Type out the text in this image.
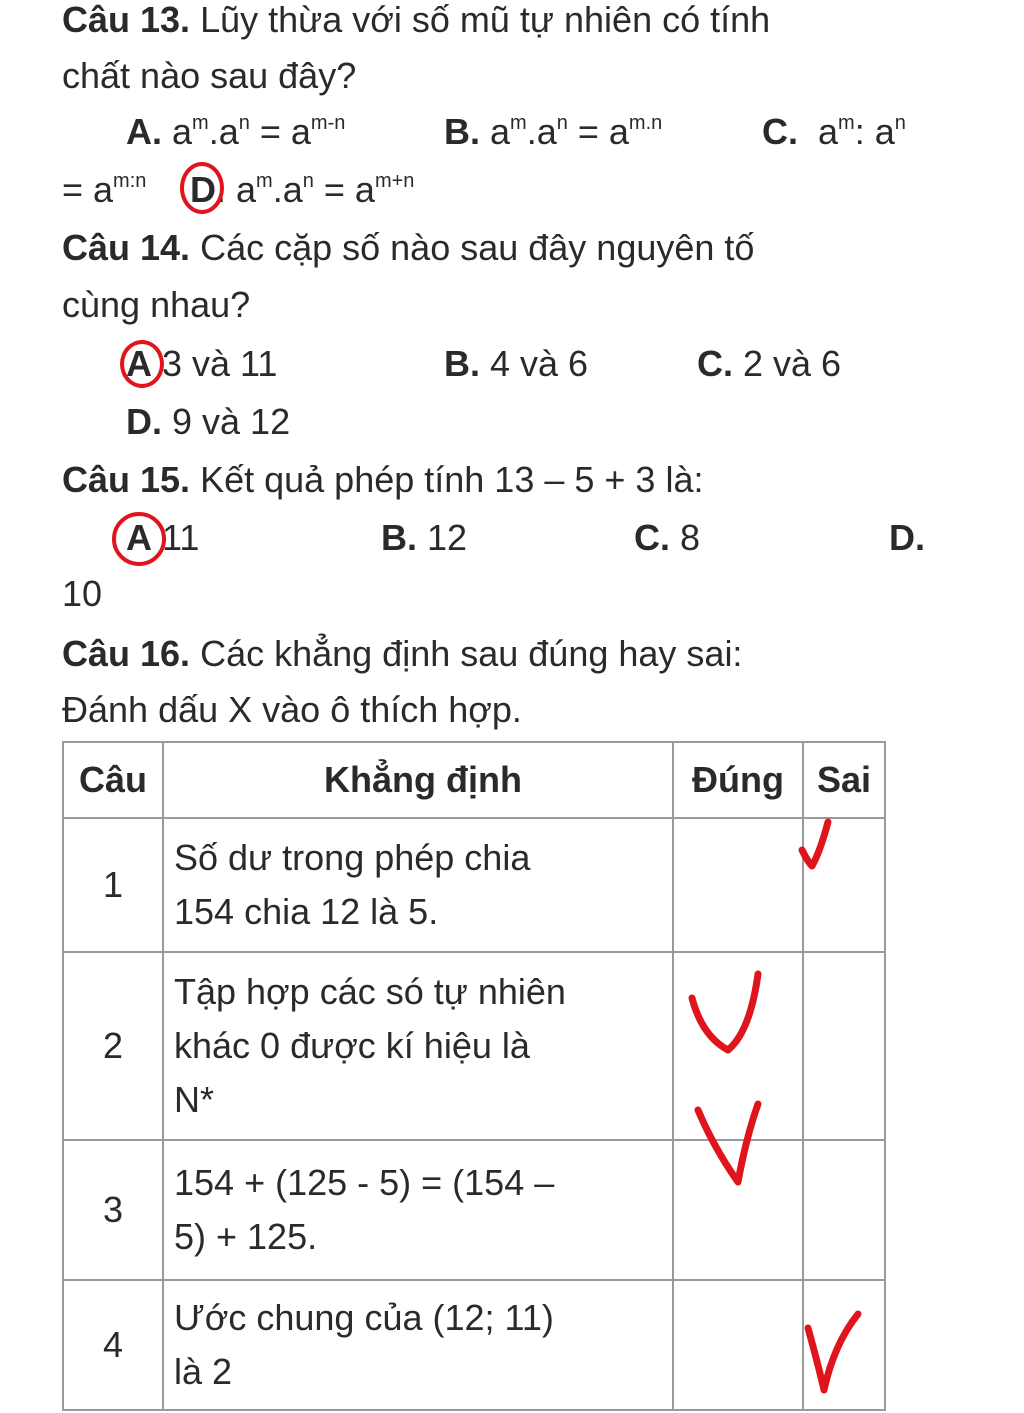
Câu 13. Lũy thừa với số mũ tự nhiên có tính
chất nào sau đây?
A. $a^m.a^n = a^{m-n}$	B. $a^m.a^n = a^{m.n}$	C.  $a^m$: $a^n$
= $a^{m:n}$ D. $a^m.a^n = a^{m+n}$
Câu 14. Các cặp số nào sau đây nguyên tố
cùng nhau?
A 3 và 11	B. 4 và 6	C. 2 và 6
D. 9 và 12
Câu 15. Kết quả phép tính 13 – 5 + 3 là:
A 11	B. 12	C. 8	D.
10
Câu 16. Các khẳng định sau đúng hay sai:
Đánh dấu X vào ô thích hợp.
Câu	Khẳng định	Đúng	Sai
1	Số dư trong phép chia
154 chia 12 là 5.		

2	Tập hợp các só tự nhiên
khác 0 được kí hiệu là
N*		

3	154 + (125 - 5) = (154 –
5) + 125.		

4	Ước chung của (12; 11)
là 2		
